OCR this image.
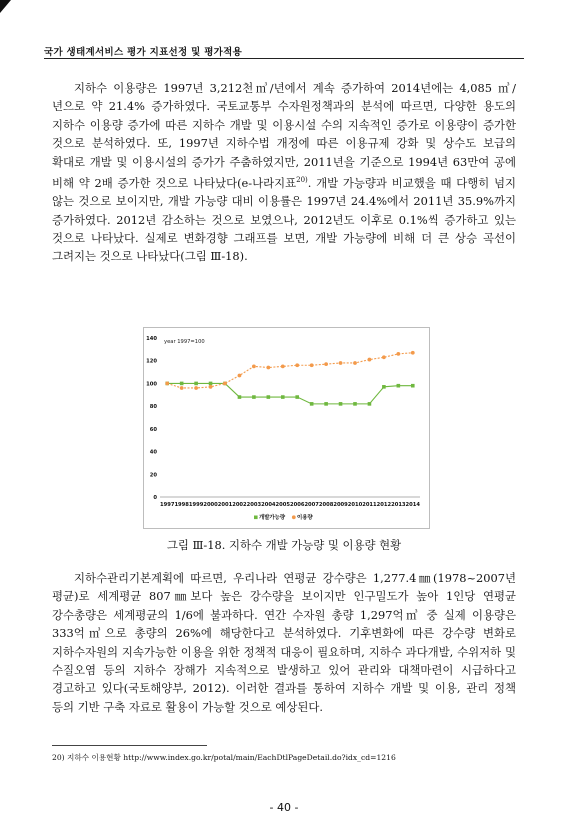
국가 생태계서비스 평가 지표선정 및 평가적용

지하수 이용량은 1997년 3,212천㎥/년에서 계속 증가하여 2014년에는 4,085 ㎥/년으로 약 21.4% 증가하였다. 국토교통부 수자원정책과의 분석에 따르면, 다양한 용도의 지하수 이용량 증가에 따른 지하수 개발 및 이용시설 수의 지속적인 증가로 이용량이 증가한 것으로 분석하였다. 또, 1997년 지하수법 개정에 따른 이용규제 강화 및 상수도 보급의 확대로 개발 및 이용시설의 증가가 주춤하였지만, 2011년을 기준으로 1994년 63만여 공에 비해 약 2배 증가한 것으로 나타났다(e-나라지표$^{20)}$. 개발 가능량과 비교했을 때 다행히 넘지 않는 것으로 보이지만, 개발 가능량 대비 이용률은 1997년 24.4%에서 2011년 35.9%까지 증가하였다. 2012년 감소하는 것으로 보였으나, 2012년도 이후로 0.1%씩 증가하고 있는 것으로 나타났다. 실제로 변화경향 그래프를 보면, 개발 가능량에 비해 더 큰 상승 곡선이 그려지는 것으로 나타났다(그림 Ⅲ-18).

0
20
40
60
80
100
120
140
1997 1998 1999 2000 2001 2002 2003 2004 2005 2006 2007 2008 2009 2010 2011 2012 2013 2014
year 1997=100
개발가능량 이용량
그림 Ⅲ-18. 지하수 개발 가능량 및 이용량 현황

지하수관리기본계획에 따르면, 우리나라 연평균 강수량은 1,277.4㎜(1978~2007년 평균)로 세계평균 807㎜보다 높은 강수량을 보이지만 인구밀도가 높아 1인당 연평균 강수총량은 세계평균의 1/6에 불과하다. 연간 수자원 총량 1,297억㎥ 중 실제 이용량은 333억㎥으로 총량의 26%에 해당한다고 분석하였다. 기후변화에 따른 강수량 변화로 지하수자원의 지속가능한 이용을 위한 정책적 대응이 필요하며, 지하수 과다개발, 수위저하 및 수질오염 등의 지하수 장해가 지속적으로 발생하고 있어 관리와 대책마련이 시급하다고 경고하고 있다(국토해양부, 2012). 이러한 결과를 통하여 지하수 개발 및 이용, 관리 정책 등의 기반 구축 자료로 활용이 가능할 것으로 예상된다.

20) 지하수 이용현황 http://www.index.go.kr/potal/main/EachDtlPageDetail.do?idx_cd=1216
- 40 -
